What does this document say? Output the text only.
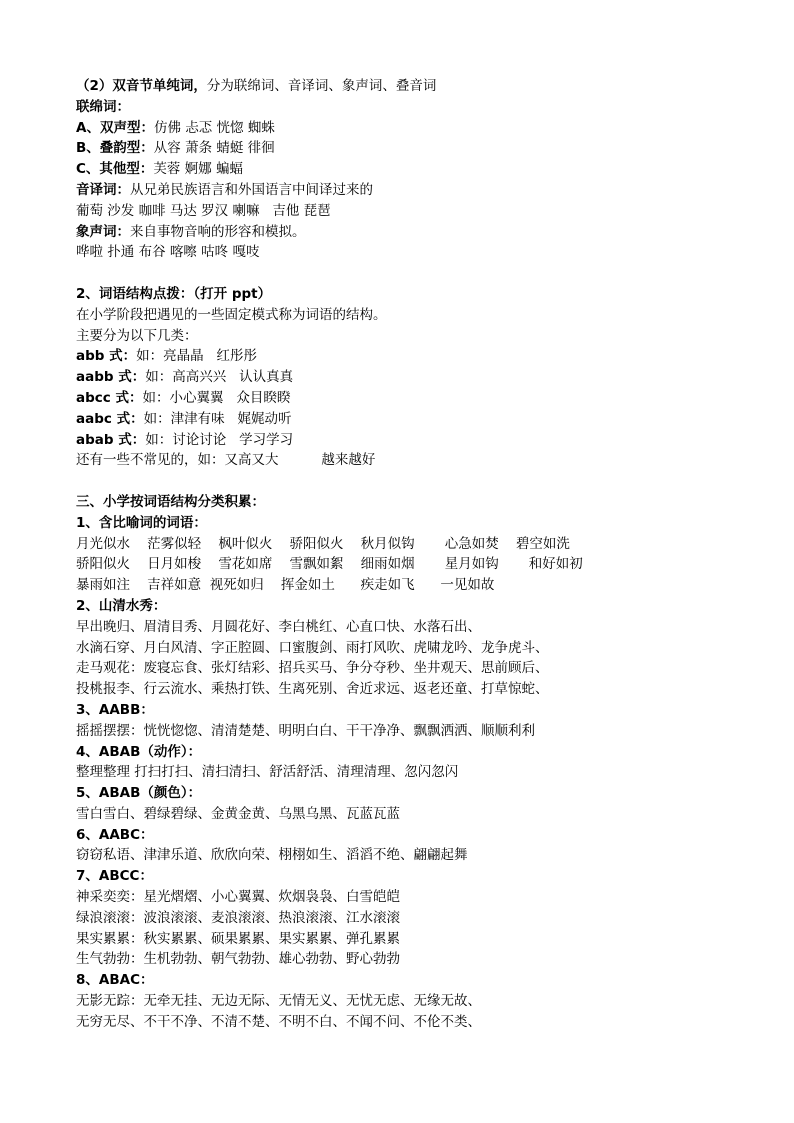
（2）双音节单纯词，分为联绵词、音译词、象声词、叠音词
联绵词：
A、双声型：仿佛 忐忑 恍惚 蜘蛛
B、叠韵型：从容 萧条 蜻蜓 徘徊
C、其他型：芙蓉 婀娜 蝙蝠
音译词：从兄弟民族语言和外国语言中间译过来的
葡萄 沙发 咖啡 马达 罗汉 喇嘛   吉他 琵琶
象声词：来自事物音响的形容和模拟。
哗啦 扑通 布谷 喀嚓 咕咚 嘎吱
2、词语结构点拨：（打开 ppt）
在小学阶段把遇见的一些固定模式称为词语的结构。
主要分为以下几类：
abb 式：如：亮晶晶   红彤彤
aabb 式：如：高高兴兴   认认真真
abcc 式：如：小心翼翼   众目睽睽
aabc 式：如：津津有味   娓娓动听
abab 式：如：讨论讨论   学习学习
还有一些不常见的，如：又高又大          越来越好
三、小学按词语结构分类积累：
1、含比喻词的词语：
月光似水    茫雾似轻    枫叶似火    骄阳似火    秋月似钩       心急如焚    碧空如洗
骄阳似火    日月如梭    雪花如席    雪飘如絮    细雨如烟       星月如钩       和好如初
暴雨如注    吉祥如意  视死如归    挥金如土      疾走如飞      一见如故
2、山清水秀：
早出晚归、眉清目秀、月圆花好、李白桃红、心直口快、水落石出、
水滴石穿、月白风清、字正腔圆、口蜜腹剑、雨打风吹、虎啸龙吟、龙争虎斗、
走马观花：废寝忘食、张灯结彩、招兵买马、争分夺秒、坐井观天、思前顾后、
投桃报李、行云流水、乘热打铁、生离死别、舍近求远、返老还童、打草惊蛇、
3、AABB：
摇摇摆摆：恍恍惚惚、清清楚楚、明明白白、干干净净、飘飘洒洒、顺顺利利
4、ABAB（动作）：
整理整理 打扫打扫、清扫清扫、舒活舒活、清理清理、忽闪忽闪
5、ABAB（颜色）：
雪白雪白、碧绿碧绿、金黄金黄、乌黑乌黑、瓦蓝瓦蓝
6、AABC：
窃窃私语、津津乐道、欣欣向荣、栩栩如生、滔滔不绝、翩翩起舞
7、ABCC：
神采奕奕：星光熠熠、小心翼翼、炊烟袅袅、白雪皑皑
绿浪滚滚：波浪滚滚、麦浪滚滚、热浪滚滚、江水滚滚
果实累累：秋实累累、硕果累累、果实累累、弹孔累累
生气勃勃：生机勃勃、朝气勃勃、雄心勃勃、野心勃勃
8、ABAC：
无影无踪：无牵无挂、无边无际、无情无义、无忧无虑、无缘无故、
无穷无尽、不干不净、不清不楚、不明不白、不闻不问、不伦不类、
